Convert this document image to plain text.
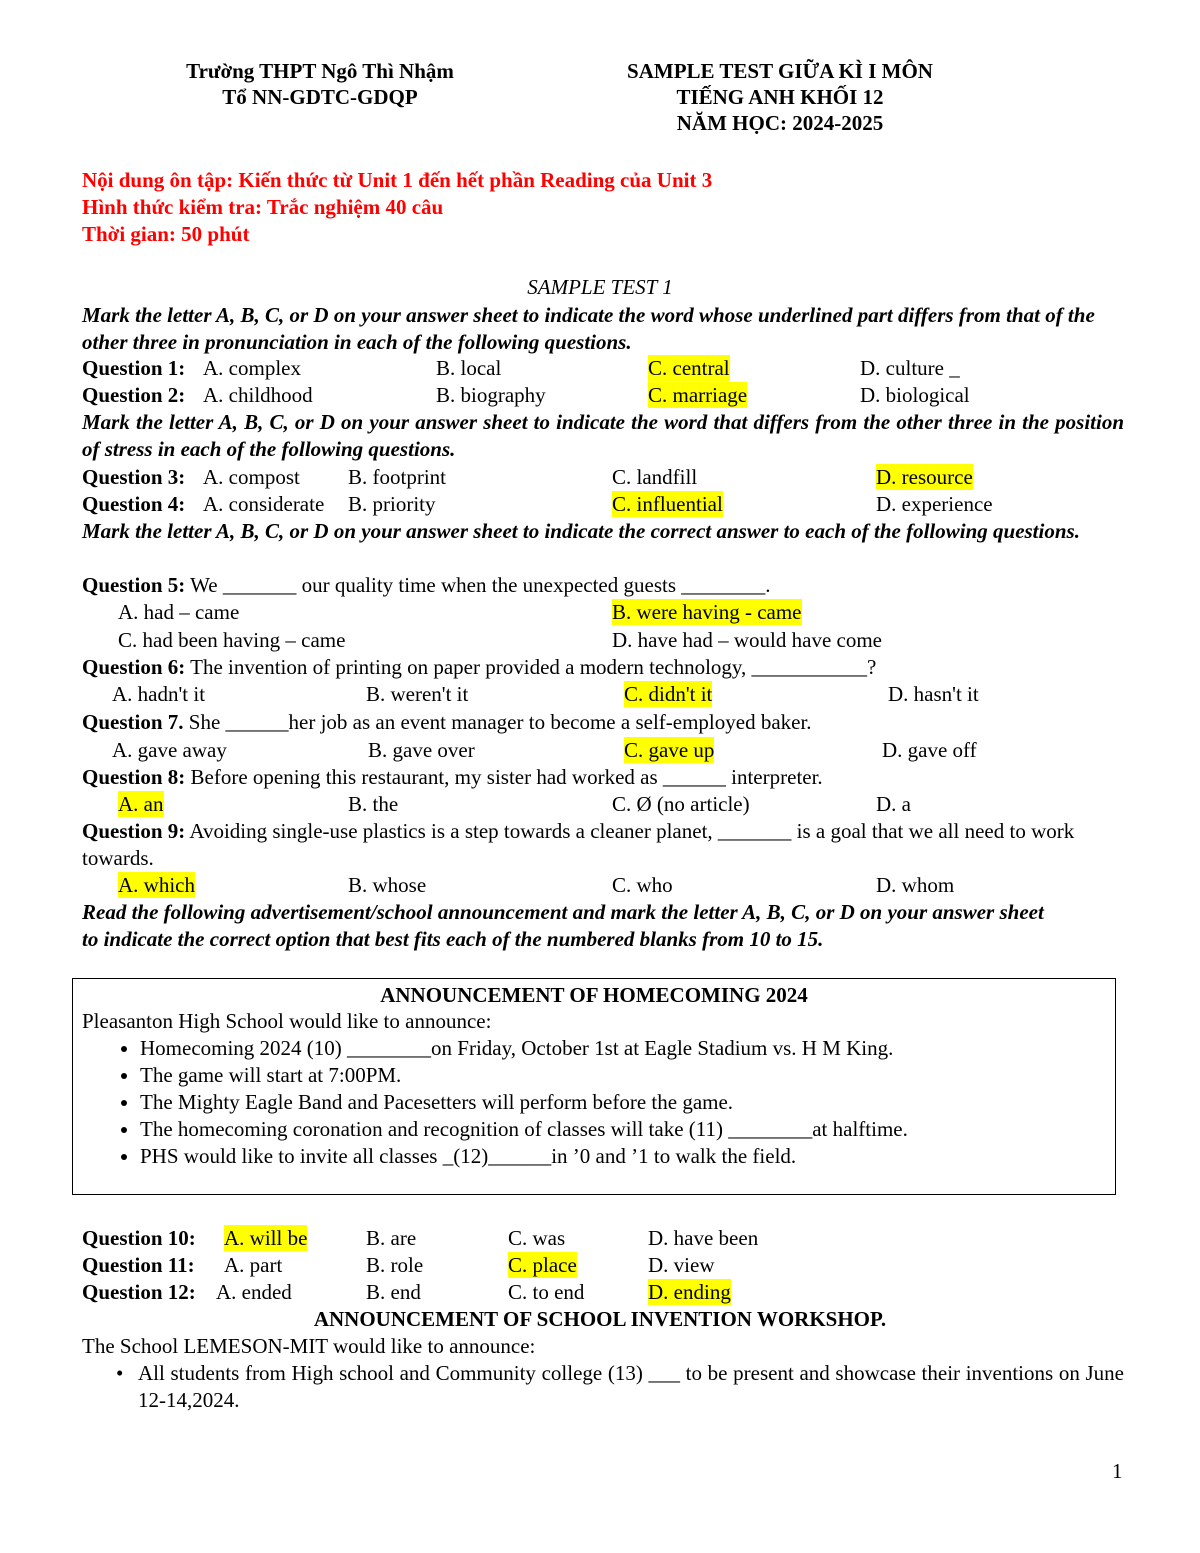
Trường THPT Ngô Thì Nhậm
Tổ NN-GDTC-GDQP
SAMPLE TEST GIỮA KÌ I MÔN
TIẾNG ANH KHỐI 12
NĂM HỌC: 2024-2025
Nội dung ôn tập: Kiến thức từ Unit 1 đến hết phần Reading của Unit 3
Hình thức kiểm tra: Trắc nghiệm 40 câu
Thời gian: 50 phút
SAMPLE TEST 1
Mark the letter A, B, C, or D on your answer sheet to indicate the word whose underlined part differs from that of the other three in pronunciation in each of the following questions.
Question 1: A. complex	B. local	C. central	D. culture _
Question 2: A. childhood	B. biography	C. marriage	D. biological
Mark the letter A, B, C, or D on your answer sheet to indicate the word that differs from the other three in the position of stress in each of the following questions.
Question 3: A. compost B. footprint	C. landfill	D. resource
Question 4: A. considerate B. priority	C. influential	D. experience
Mark the letter A, B, C, or D on your answer sheet to indicate the correct answer to each of the following questions.
Question 5: We _______ our quality time when the unexpected guests ________.
A. had – came	B. were having - came
C. had been having – came	D. have had – would have come
Question 6: The invention of printing on paper provided a modern technology, ___________?
A. hadn't it	B. weren't it	C. didn't it	D. hasn't it
Question 7. She ______her job as an event manager to become a self-employed baker.
A. gave away	B. gave over	C. gave up	D. gave off
Question 8: Before opening this restaurant, my sister had worked as ______ interpreter.
A. an	B. the	C. Ø (no article)	D. a
Question 9: Avoiding single-use plastics is a step towards a cleaner planet, _______ is a goal that we all need to work towards.
A. which	B. whose	C. who	D. whom
Read the following advertisement/school announcement and mark the letter A, B, C, or D on your answer sheet to indicate the correct option that best fits each of the numbered blanks from 10 to 15.
ANNOUNCEMENT OF HOMECOMING 2024
Pleasanton High School would like to announce:
• Homecoming 2024 (10) ________on Friday, October 1st at Eagle Stadium vs. H M King.
• The game will start at 7:00PM.
• The Mighty Eagle Band and Pacesetters will perform before the game.
• The homecoming coronation and recognition of classes will take (11) ________at halftime.
• PHS would like to invite all classes _(12)______in ’0 and ’1 to walk the field.
Question 10: A. will be	B. are	C. was	D. have been
Question 11: A. part	B. role	C. place	D. view
Question 12: A. ended	B. end	C. to end	D. ending
ANNOUNCEMENT OF SCHOOL INVENTION WORKSHOP.
The School LEMESON-MIT would like to announce:
• All students from High school and Community college (13) ___ to be present and showcase their inventions on June 12-14,2024.
1
